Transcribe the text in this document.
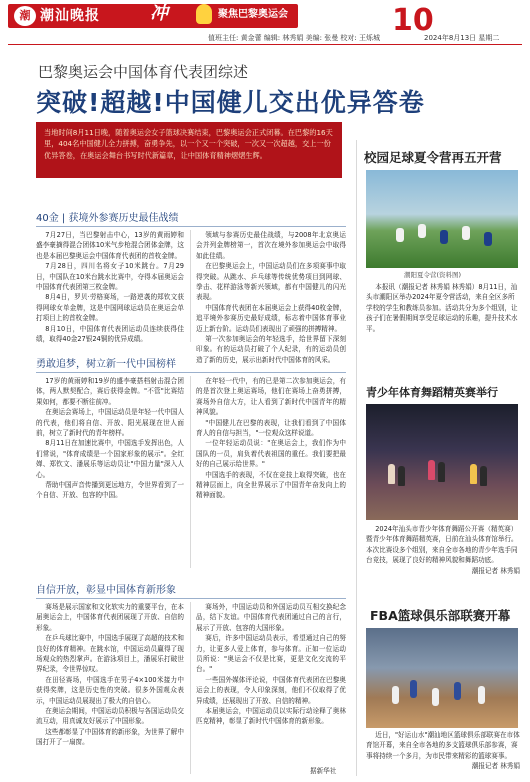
潮 潮汕晚报	冲	聚焦巴黎奥运会	10
值班主任: 黄金蕾 编辑: 林秀娟 美编: 张曼 校对: 王烁城	2024年8月13日 星期二
巴黎奥运会中国体育代表团综述
突破!超越!中国健儿交出优异答卷
当地时间8月11日晚，随着奥运会女子篮球决赛结束，巴黎奥运会正式闭幕。在巴黎的16天里，404名中国健儿全力拼搏，奋勇争先，以一个又一个突破，一次又一次超越，交上一份优异答卷，在奥运会舞台书写时代新篇章，让中国体育精神熠熠生辉。
40金 | 获境外参赛历史最佳战绩

7月27日，当巴黎射击中心，13岁的黄雨婷和盛李豪摘得混合团体10米气步枪混合团体金牌，这也是本届巴黎奥运会中国体育代表团的首枚金牌。

7月28日，四川名将女子10米跳台。7月29日，中国队在10米台跳水比赛中，夺得本届奥运会中国体育代表团第三枚金牌。

8月4日，罗贝·劳格赛场，一路逆袭的郑钦文获得网球女单金牌，这是中国网球运动员在奥运会单打项目上的首枚金牌。

8月10日，中国体育代表团运动员连续获得佳绩，取得40金27银24铜的优异成绩。

领域与参赛历史最佳战绩，与2008年北京奥运会并列金牌榜第一，首次在境外参加奥运会中取得如此佳绩。

在巴黎奥运会上，中国运动员们在多项赛事中取得突破。从跳水、乒乓球等传统优势项目到网球、拳击、花样游泳等新兴领域，都有中国健儿的闪光表现。

中国体育代表团在本届奥运会上获得40枚金牌，追平境外参赛历史最好成绩，标志着中国体育事业迈上新台阶。运动员们表现出了顽强的拼搏精神。

第一次参加奥运会的年轻选手，给世界留下深刻印象。有的运动员打破了个人纪录，有的运动员创造了新的历史，展示出新时代中国体育的风采。

勇敢追梦，树立新一代中国榜样

17岁的黄雨婷和19岁的盛李豪搭档射击混合团体，两人默契配合，赛后获得金牌。"不管"比赛结果如何，都要不断往前冲。

在奥运会赛场上，中国运动员是年轻一代中国人的代表，他们将自信、开放、阳光展现在世人面前，树立了新时代的青年榜样。

8月11日在加速比赛中，中国选手发挥出色，人们常说，"体育成绩是一个国家形象的展示"。全红婵、郑钦文、潘展乐等运动员让"中国力量"深入人心。

帮助中国声音传播到更远地方，令世界看到了一个自信、开放、包容的中国。

在年轻一代中，有的已是第二次参加奥运会，有的是首次登上奥运赛场，他们在赛场上奋勇拼搏，赛场外自信大方，让人看到了新时代中国青年的精神风貌。

"中国健儿在巴黎的表现，让我们看到了中国体育人的自信与担当，"一位观众这样说道。

一位年轻运动员说："在奥运会上，我们作为中国队的一员，肩负着代表祖国的重任。我们要把最好的自己展示给世界。"

中国选手的表现，不仅在竞技上取得突破，也在精神层面上，向全世界展示了中国青年奋发向上的精神面貌。

自信开放，彰显中国体育新形象

赛场是展示国家和文化软实力的重要平台，在本届奥运会上，中国体育代表团展现了开放、自信的形象。

在乒乓球比赛中，中国选手展现了高超的技术和良好的体育精神。在跳水馆，中国运动员赢得了现场观众的热烈掌声。在游泳项目上，潘展乐打破世界纪录，令世界惊叹。

在田径赛场，中国选手在男子4×100米接力中获得奖牌，这是历史性的突破。很多外国观众表示，中国运动员展现出了极大的自信心。

在奥运会期间，中国运动员积极与各国运动员交流互动，用真诚友好展示了中国形象。

这些都彰显了中国体育的新形象，为世界了解中国打开了一扇窗。

赛场外，中国运动员和外国运动员互相交换纪念品，结下友谊。中国体育代表团通过自己的言行，展示了开放、包容的大国形象。

赛后，许多中国运动员表示，希望通过自己的努力，让更多人爱上体育，参与体育。正如一位运动员所说："奥运会不仅是比赛，更是文化交流的平台。"

一些国外媒体评论说，中国体育代表团在巴黎奥运会上的表现，令人印象深刻，他们不仅取得了优异成绩，还展现出了开放、自信的精神。

本届奥运会，中国运动员以实际行动诠释了奥林匹克精神，彰显了新时代中国体育的新形象。

据新华社
校园足球夏令营再五开营
潮阳夏令营(资料图)

本报讯（潮报记者 林秀娟 林秀娟）8月11日，汕头市潮阳区举办2024年夏令营活动，来自全区多所学校的学生和教练员参加。活动共分为多个组别，让孩子们在暑假期间享受足球运动的乐趣，提升技术水平。

青少年体育舞蹈精英赛举行

2024年汕头市青少年体育舞蹈公开赛（精英赛）暨青少年体育舞蹈精英赛，日前在汕头体育馆举行。本次比赛设多个组别，来自全市各地的青少年选手同台竞技，展现了良好的精神风貌和舞蹈功底。
潮报记者 林秀娟

FBA篮球俱乐部联赛开幕

近日，"好运山水"潮汕地区篮球俱乐部联赛在市体育馆开幕，来自全市各地的多支篮球俱乐部参赛，赛事将持续一个多月，为市民带来精彩的篮球赛事。
潮报记者 林秀娟
